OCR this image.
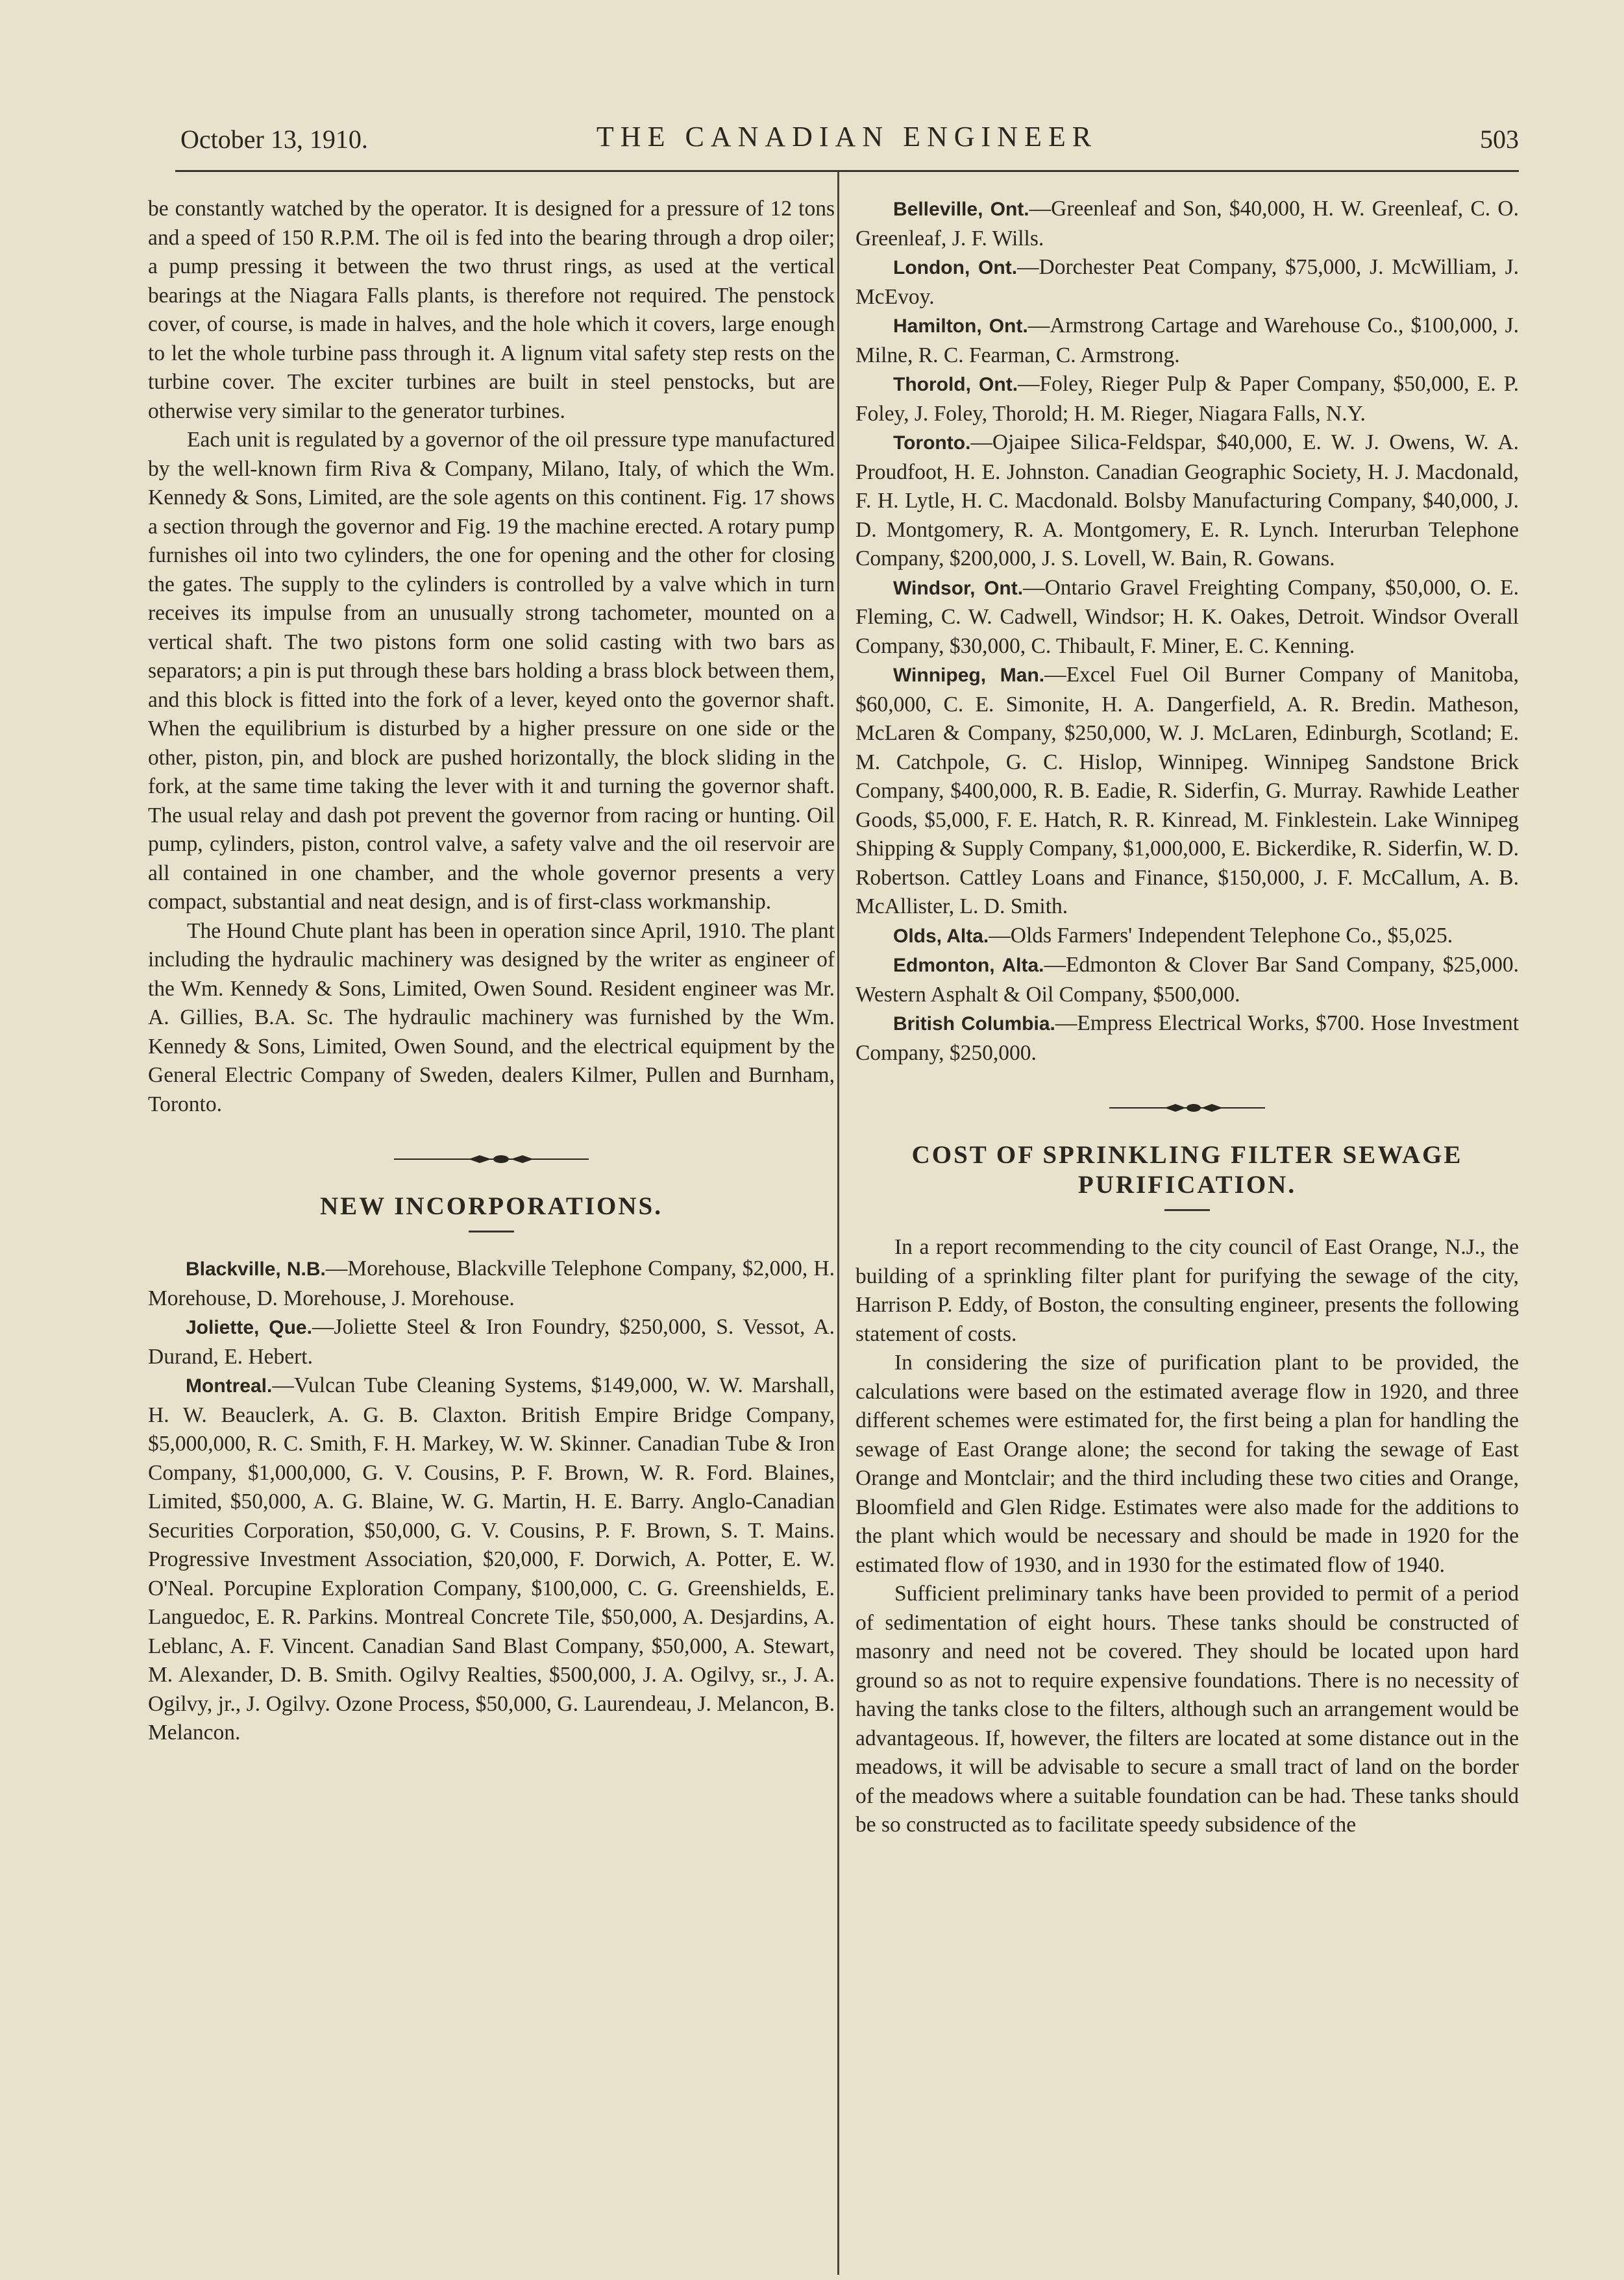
October 13, 1910.	THE CANADIAN ENGINEER	503

be constantly watched by the operator. It is designed for a pressure of 12 tons and a speed of 150 R.P.M. The oil is fed into the bearing through a drop oiler; a pump pressing it between the two thrust rings, as used at the vertical bearings at the Niagara Falls plants, is therefore not required. The penstock cover, of course, is made in halves, and the hole which it covers, large enough to let the whole turbine pass through it. A lignum vital safety step rests on the turbine cover. The exciter turbines are built in steel penstocks, but are otherwise very similar to the generator turbines.

Each unit is regulated by a governor of the oil pressure type manufactured by the well-known firm Riva & Company, Milano, Italy, of which the Wm. Kennedy & Sons, Limited, are the sole agents on this continent. Fig. 17 shows a section through the governor and Fig. 19 the machine erected. A rotary pump furnishes oil into two cylinders, the one for opening and the other for closing the gates. The supply to the cylinders is controlled by a valve which in turn receives its impulse from an unusually strong tachometer, mounted on a vertical shaft. The two pistons form one solid casting with two bars as separators; a pin is put through these bars holding a brass block between them, and this block is fitted into the fork of a lever, keyed onto the governor shaft. When the equilibrium is disturbed by a higher pressure on one side or the other, piston, pin, and block are pushed horizontally, the block sliding in the fork, at the same time taking the lever with it and turning the governor shaft. The usual relay and dash pot prevent the governor from racing or hunting. Oil pump, cylinders, piston, control valve, a safety valve and the oil reservoir are all contained in one chamber, and the whole governor presents a very compact, substantial and neat design, and is of first-class workmanship.

The Hound Chute plant has been in operation since April, 1910. The plant including the hydraulic machinery was designed by the writer as engineer of the Wm. Kennedy & Sons, Limited, Owen Sound. Resident engineer was Mr. A. Gillies, B.A. Sc. The hydraulic machinery was furnished by the Wm. Kennedy & Sons, Limited, Owen Sound, and the electrical equipment by the General Electric Company of Sweden, dealers Kilmer, Pullen and Burnham, Toronto.

NEW INCORPORATIONS.

Blackville, N.B.—Morehouse, Blackville Telephone Company, $2,000, H. Morehouse, D. Morehouse, J. Morehouse.

Joliette, Que.—Joliette Steel & Iron Foundry, $250,000, S. Vessot, A. Durand, E. Hebert.

Montreal.—Vulcan Tube Cleaning Systems, $149,000, W. W. Marshall, H. W. Beauclerk, A. G. B. Claxton. British Empire Bridge Company, $5,000,000, R. C. Smith, F. H. Markey, W. W. Skinner. Canadian Tube & Iron Company, $1,000,000, G. V. Cousins, P. F. Brown, W. R. Ford. Blaines, Limited, $50,000, A. G. Blaine, W. G. Martin, H. E. Barry. Anglo-Canadian Securities Corporation, $50,000, G. V. Cousins, P. F. Brown, S. T. Mains. Progressive Investment Association, $20,000, F. Dorwich, A. Potter, E. W. O'Neal. Porcupine Exploration Company, $100,000, C. G. Greenshields, E. Languedoc, E. R. Parkins. Montreal Concrete Tile, $50,000, A. Desjardins, A. Leblanc, A. F. Vincent. Canadian Sand Blast Company, $50,000, A. Stewart, M. Alexander, D. B. Smith. Ogilvy Realties, $500,000, J. A. Ogilvy, sr., J. A. Ogilvy, jr., J. Ogilvy. Ozone Process, $50,000, G. Laurendeau, J. Melancon, B. Melancon.

Belleville, Ont.—Greenleaf and Son, $40,000, H. W. Greenleaf, C. O. Greenleaf, J. F. Wills.

London, Ont.—Dorchester Peat Company, $75,000, J. McWilliam, J. McEvoy.

Hamilton, Ont.—Armstrong Cartage and Warehouse Co., $100,000, J. Milne, R. C. Fearman, C. Armstrong.

Thorold, Ont.—Foley, Rieger Pulp & Paper Company, $50,000, E. P. Foley, J. Foley, Thorold; H. M. Rieger, Niagara Falls, N.Y.

Toronto.—Ojaipee Silica-Feldspar, $40,000, E. W. J. Owens, W. A. Proudfoot, H. E. Johnston. Canadian Geographic Society, H. J. Macdonald, F. H. Lytle, H. C. Macdonald. Bolsby Manufacturing Company, $40,000, J. D. Montgomery, R. A. Montgomery, E. R. Lynch. Interurban Telephone Company, $200,000, J. S. Lovell, W. Bain, R. Gowans.

Windsor, Ont.—Ontario Gravel Freighting Company, $50,000, O. E. Fleming, C. W. Cadwell, Windsor; H. K. Oakes, Detroit. Windsor Overall Company, $30,000, C. Thibault, F. Miner, E. C. Kenning.

Winnipeg, Man.—Excel Fuel Oil Burner Company of Manitoba, $60,000, C. E. Simonite, H. A. Dangerfield, A. R. Bredin. Matheson, McLaren & Company, $250,000, W. J. McLaren, Edinburgh, Scotland; E. M. Catchpole, G. C. Hislop, Winnipeg. Winnipeg Sandstone Brick Company, $400,000, R. B. Eadie, R. Siderfin, G. Murray. Rawhide Leather Goods, $5,000, F. E. Hatch, R. R. Kinread, M. Finklestein. Lake Winnipeg Shipping & Supply Company, $1,000,000, E. Bickerdike, R. Siderfin, W. D. Robertson. Cattley Loans and Finance, $150,000, J. F. McCallum, A. B. McAllister, L. D. Smith.

Olds, Alta.—Olds Farmers' Independent Telephone Co., $5,025.

Edmonton, Alta.—Edmonton & Clover Bar Sand Company, $25,000. Western Asphalt & Oil Company, $500,000.

British Columbia.—Empress Electrical Works, $700. Hose Investment Company, $250,000.

COST OF SPRINKLING FILTER SEWAGE
PURIFICATION.

In a report recommending to the city council of East Orange, N.J., the building of a sprinkling filter plant for purifying the sewage of the city, Harrison P. Eddy, of Boston, the consulting engineer, presents the following statement of costs.

In considering the size of purification plant to be provided, the calculations were based on the estimated average flow in 1920, and three different schemes were estimated for, the first being a plan for handling the sewage of East Orange alone; the second for taking the sewage of East Orange and Montclair; and the third including these two cities and Orange, Bloomfield and Glen Ridge. Estimates were also made for the additions to the plant which would be necessary and should be made in 1920 for the estimated flow of 1930, and in 1930 for the estimated flow of 1940.

Sufficient preliminary tanks have been provided to permit of a period of sedimentation of eight hours. These tanks should be constructed of masonry and need not be covered. They should be located upon hard ground so as not to require expensive foundations. There is no necessity of having the tanks close to the filters, although such an arrangement would be advantageous. If, however, the filters are located at some distance out in the meadows, it will be advisable to secure a small tract of land on the border of the meadows where a suitable foundation can be had. These tanks should be so constructed as to facilitate speedy subsidence of the
